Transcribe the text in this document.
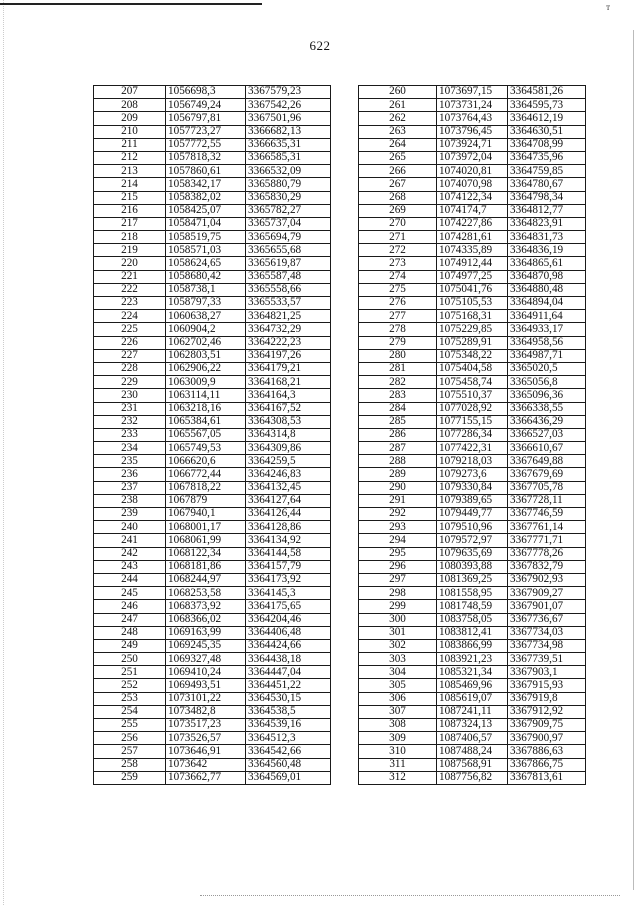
т
622
207	1056698,3	3367579,23
208	1056749,24	3367542,26
209	1056797,81	3367501,96
210	1057723,27	3366682,13
211	1057772,55	3366635,31
212	1057818,32	3366585,31
213	1057860,61	3366532,09
214	1058342,17	3365880,79
215	1058382,02	3365830,29
216	1058425,07	3365782,27
217	1058471,04	3365737,04
218	1058519,75	3365694,79
219	1058571,03	3365655,68
220	1058624,65	3365619,87
221	1058680,42	3365587,48
222	1058738,1	3365558,66
223	1058797,33	3365533,57
224	1060638,27	3364821,25
225	1060904,2	3364732,29
226	1062702,46	3364222,23
227	1062803,51	3364197,26
228	1062906,22	3364179,21
229	1063009,9	3364168,21
230	1063114,11	3364164,3
231	1063218,16	3364167,52
232	1065384,61	3364308,53
233	1065567,05	3364314,8
234	1065749,53	3364309,86
235	1066620,6	3364259,5
236	1066772,44	3364246,83
237	1067818,22	3364132,45
238	1067879	3364127,64
239	1067940,1	3364126,44
240	1068001,17	3364128,86
241	1068061,99	3364134,92
242	1068122,34	3364144,58
243	1068181,86	3364157,79
244	1068244,97	3364173,92
245	1068253,58	3364145,3
246	1068373,92	3364175,65
247	1068366,02	3364204,46
248	1069163,99	3364406,48
249	1069245,35	3364424,66
250	1069327,48	3364438,18
251	1069410,24	3364447,04
252	1069493,51	3364451,22
253	1073101,22	3364530,15
254	1073482,8	3364538,5
255	1073517,23	3364539,16
256	1073526,57	3364512,3
257	1073646,91	3364542,66
258	1073642	3364560,48
259	1073662,77	3364569,01
260	1073697,15	3364581,26
261	1073731,24	3364595,73
262	1073764,43	3364612,19
263	1073796,45	3364630,51
264	1073924,71	3364708,99
265	1073972,04	3364735,96
266	1074020,81	3364759,85
267	1074070,98	3364780,67
268	1074122,34	3364798,34
269	1074174,7	3364812,77
270	1074227,86	3364823,91
271	1074281,61	3364831,73
272	1074335,89	3364836,19
273	1074912,44	3364865,61
274	1074977,25	3364870,98
275	1075041,76	3364880,48
276	1075105,53	3364894,04
277	1075168,31	3364911,64
278	1075229,85	3364933,17
279	1075289,91	3364958,56
280	1075348,22	3364987,71
281	1075404,58	3365020,5
282	1075458,74	3365056,8
283	1075510,37	3365096,36
284	1077028,92	3366338,55
285	1077155,15	3366436,29
286	1077286,34	3366527,03
287	1077422,31	3366610,67
288	1079218,03	3367649,88
289	1079273,6	3367679,69
290	1079330,84	3367705,78
291	1079389,65	3367728,11
292	1079449,77	3367746,59
293	1079510,96	3367761,14
294	1079572,97	3367771,71
295	1079635,69	3367778,26
296	1080393,88	3367832,79
297	1081369,25	3367902,93
298	1081558,95	3367909,27
299	1081748,59	3367901,07
300	1083758,05	3367736,67
301	1083812,41	3367734,03
302	1083866,99	3367734,98
303	1083921,23	3367739,51
304	1085321,34	3367903,1
305	1085469,96	3367915,93
306	1085619,07	3367919,8
307	1087241,11	3367912,92
308	1087324,13	3367909,75
309	1087406,57	3367900,97
310	1087488,24	3367886,63
311	1087568,91	3367866,75
312	1087756,82	3367813,61
